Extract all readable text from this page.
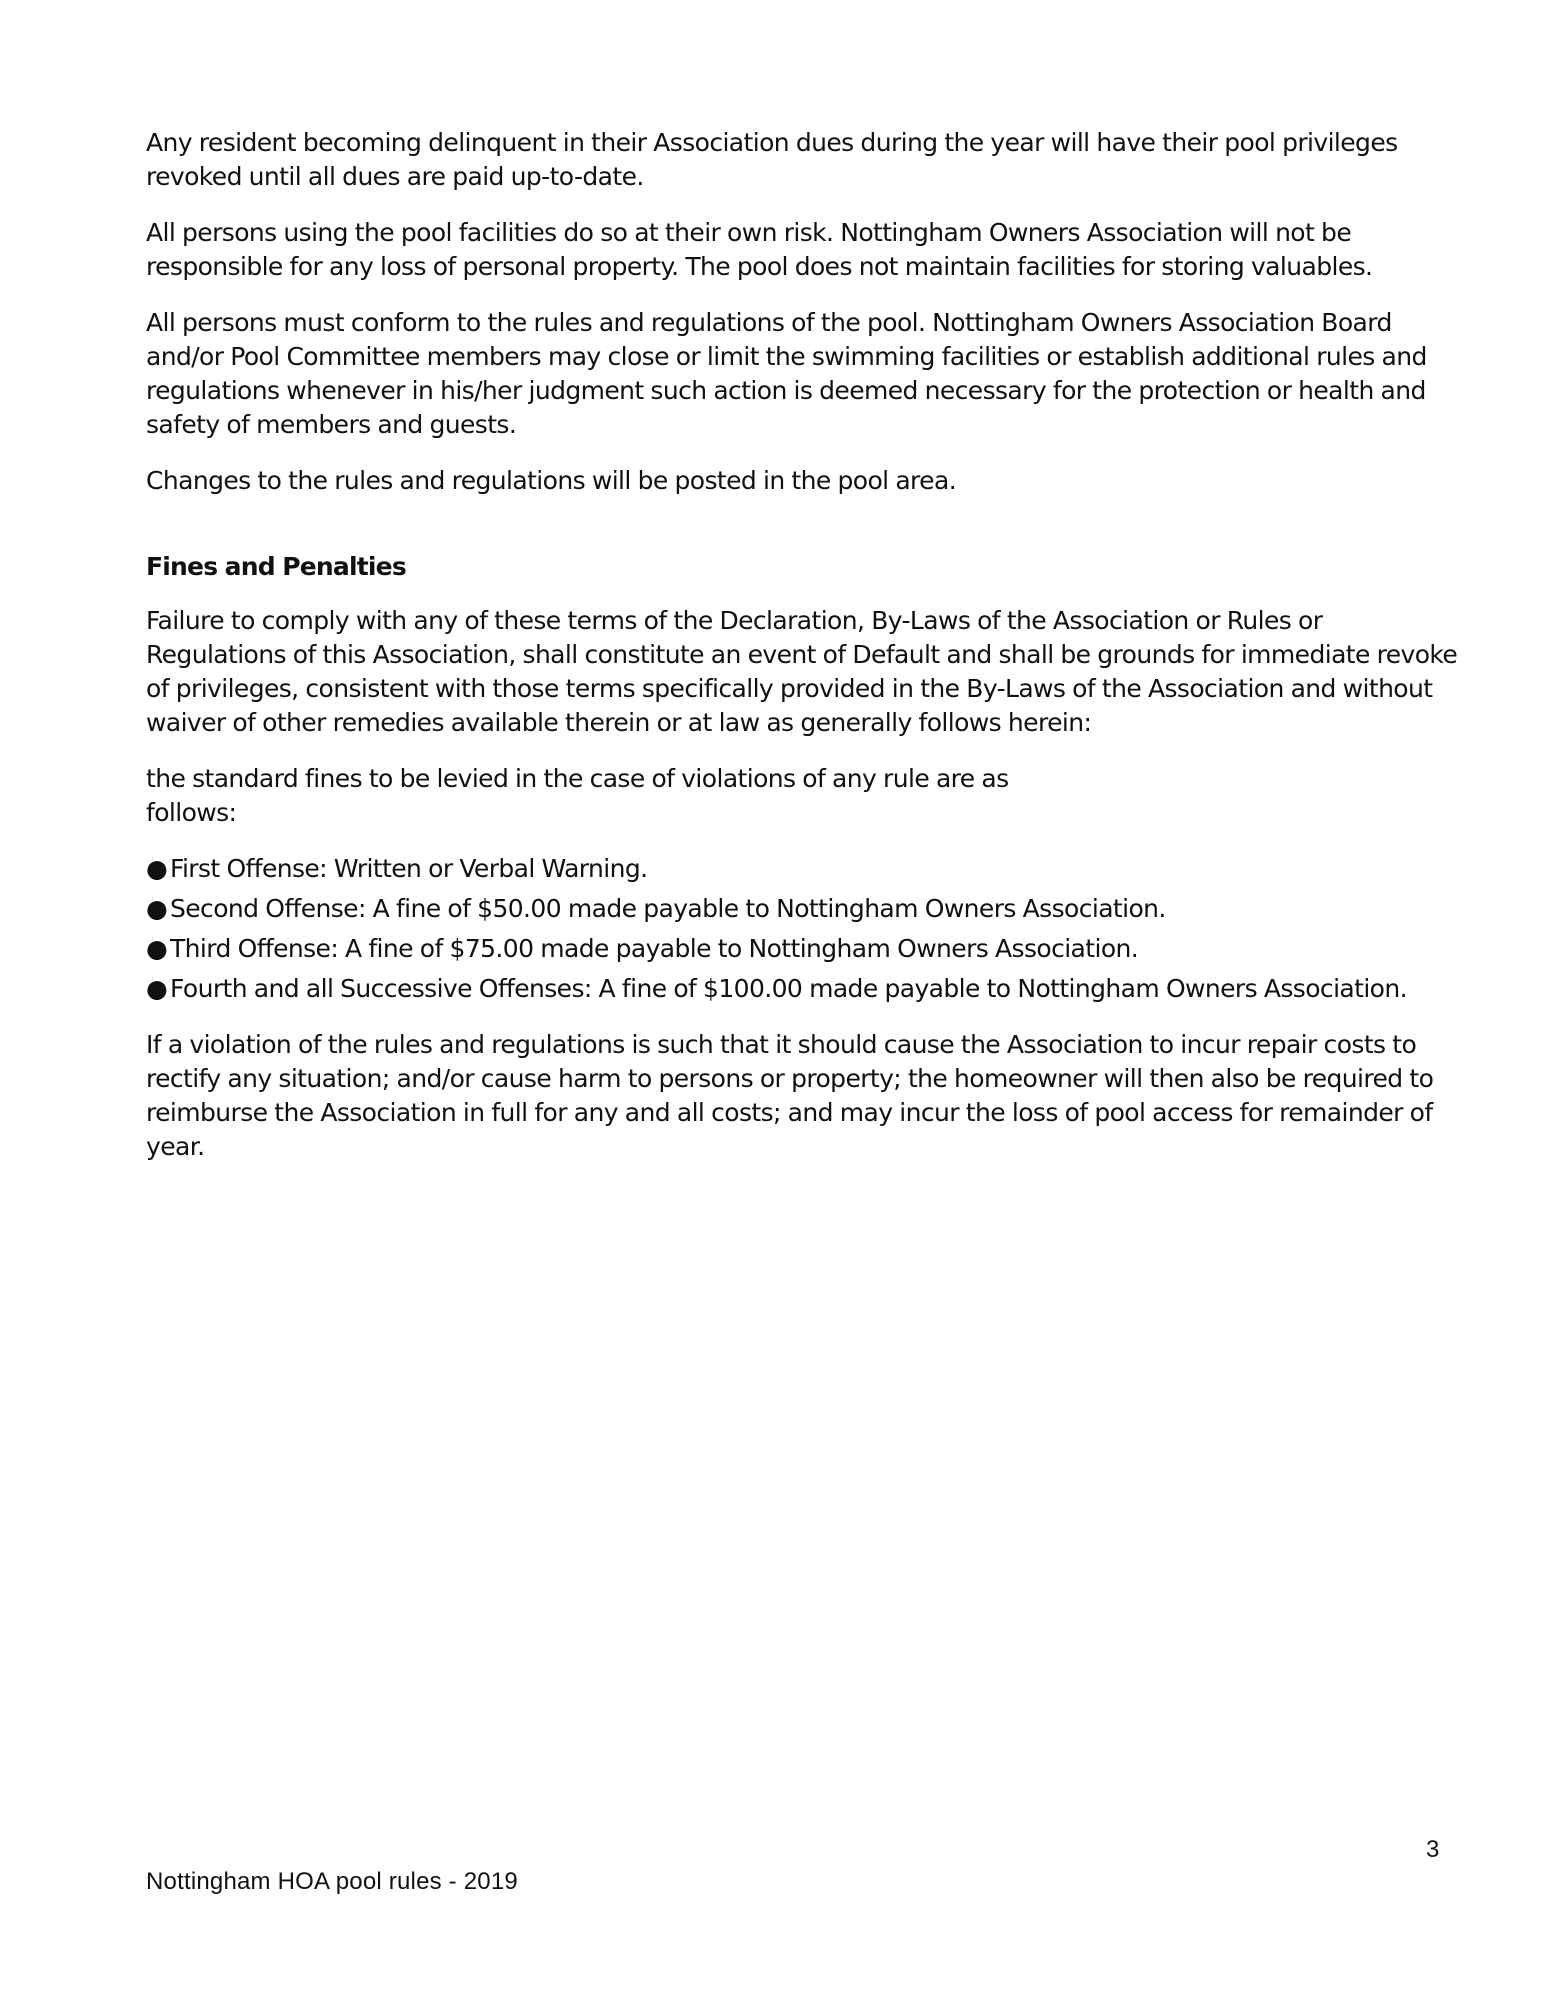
Any resident becoming delinquent in their Association dues during the year will have their pool privileges revoked until all dues are paid up-to-date.

All persons using the pool facilities do so at their own risk. Nottingham Owners Association will not be responsible for any loss of personal property. The pool does not maintain facilities for storing valuables.

All persons must conform to the rules and regulations of the pool. Nottingham Owners Association Board and/or Pool Committee members may close or limit the swimming facilities or establish additional rules and regulations whenever in his/her judgment such action is deemed necessary for the protection or health and safety of members and guests.

Changes to the rules and regulations will be posted in the pool area.

Fines and Penalties

Failure to comply with any of these terms of the Declaration, By-Laws of the Association or Rules or Regulations of this Association, shall constitute an event of Default and shall be grounds for immediate revoke of privileges, consistent with those terms specifically provided in the By-Laws of the Association and without waiver of other remedies available therein or at law as generally follows herein:

the standard fines to be levied in the case of violations of any rule are as follows:

● First Offense: Written or Verbal Warning.
● Second Offense: A fine of $50.00 made payable to Nottingham Owners Association.
● Third Offense: A fine of $75.00 made payable to Nottingham Owners Association.
● Fourth and all Successive Offenses: A fine of $100.00 made payable to Nottingham Owners Association.

If a violation of the rules and regulations is such that it should cause the Association to incur repair costs to rectify any situation; and/or cause harm to persons or property; the homeowner will then also be required to reimburse the Association in full for any and all costs; and may incur the loss of pool access for remainder of year.

3
Nottingham HOA pool rules - 2019
